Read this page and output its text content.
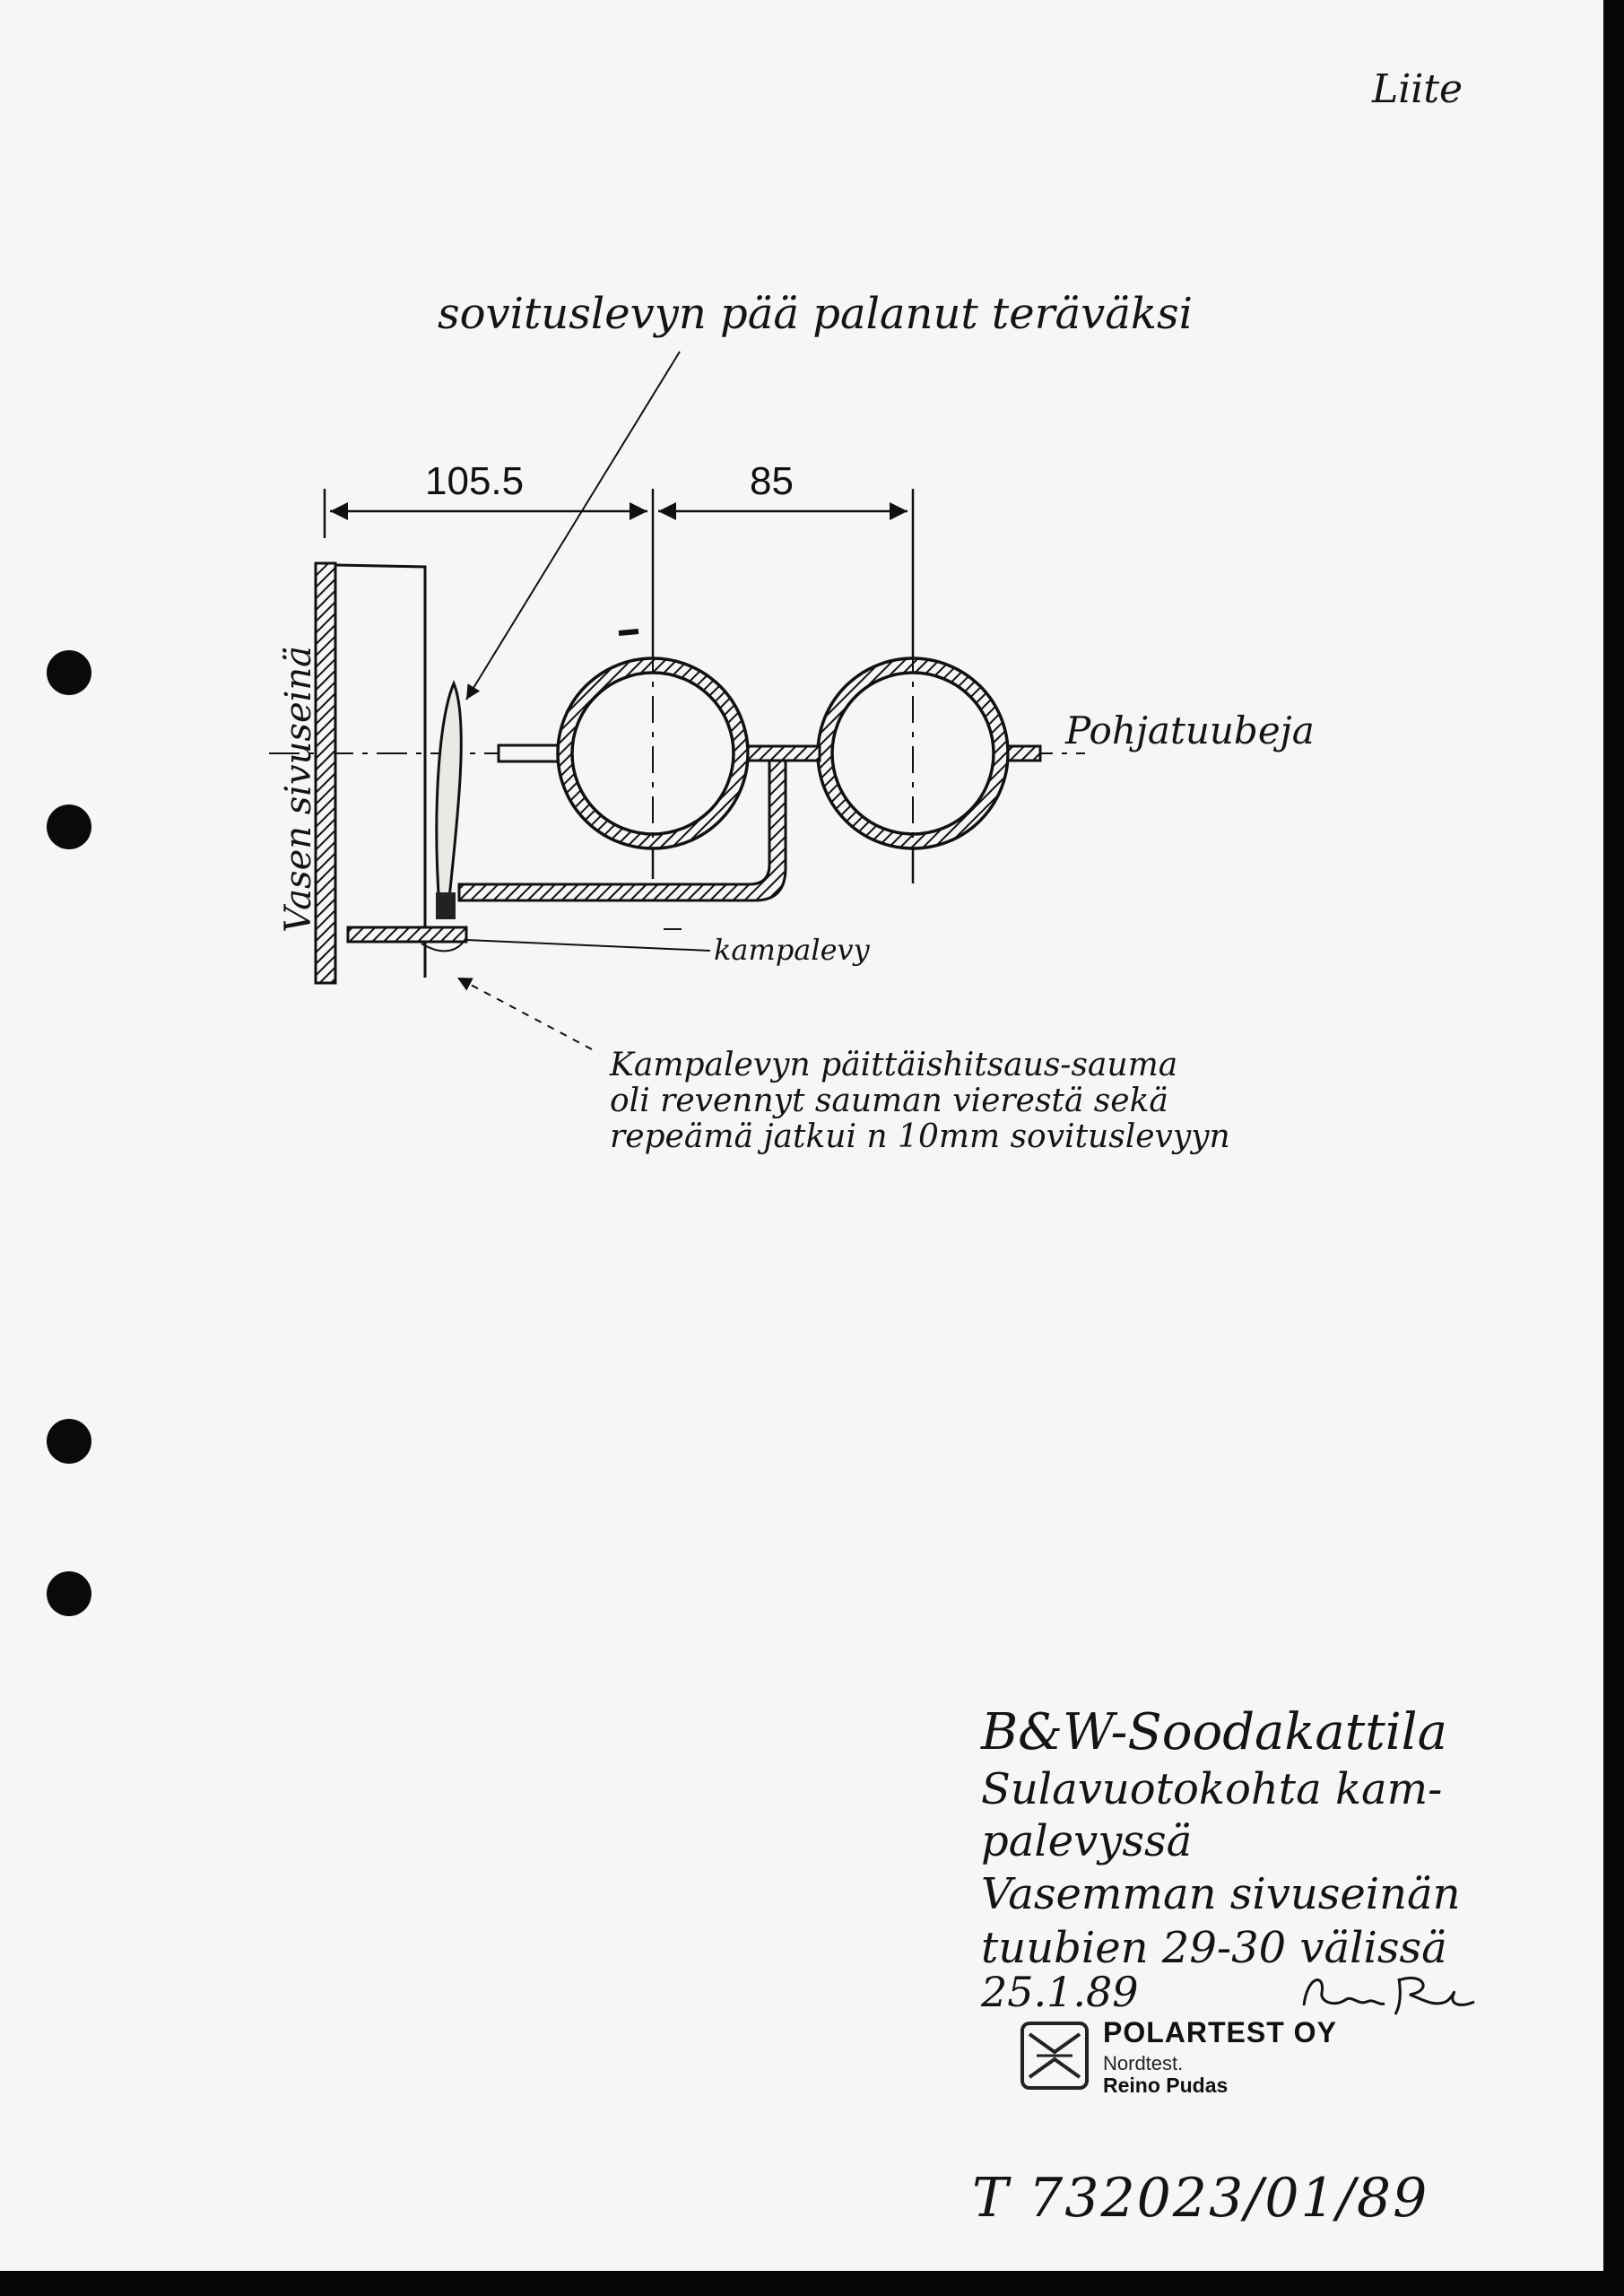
Liite

sovituslevyn pää palanut teräväksi

105.5	85

Vasen sivuseinä	Pohjatuubeja

kampalevy

Kampalevyn päittäishitsaus-sauma

oli revennyt sauman vierestä sekä

repeämä jatkui n 10mm sovituslevyyn

B&W-Soodakattila

Sulavuotokohta kam-

palevyssä

Vasemman sivuseinän

tuubien 29-30 välissä

25.1.89

POLARTEST OY

Nordtest.

Reino Pudas

T 732023/01/89
